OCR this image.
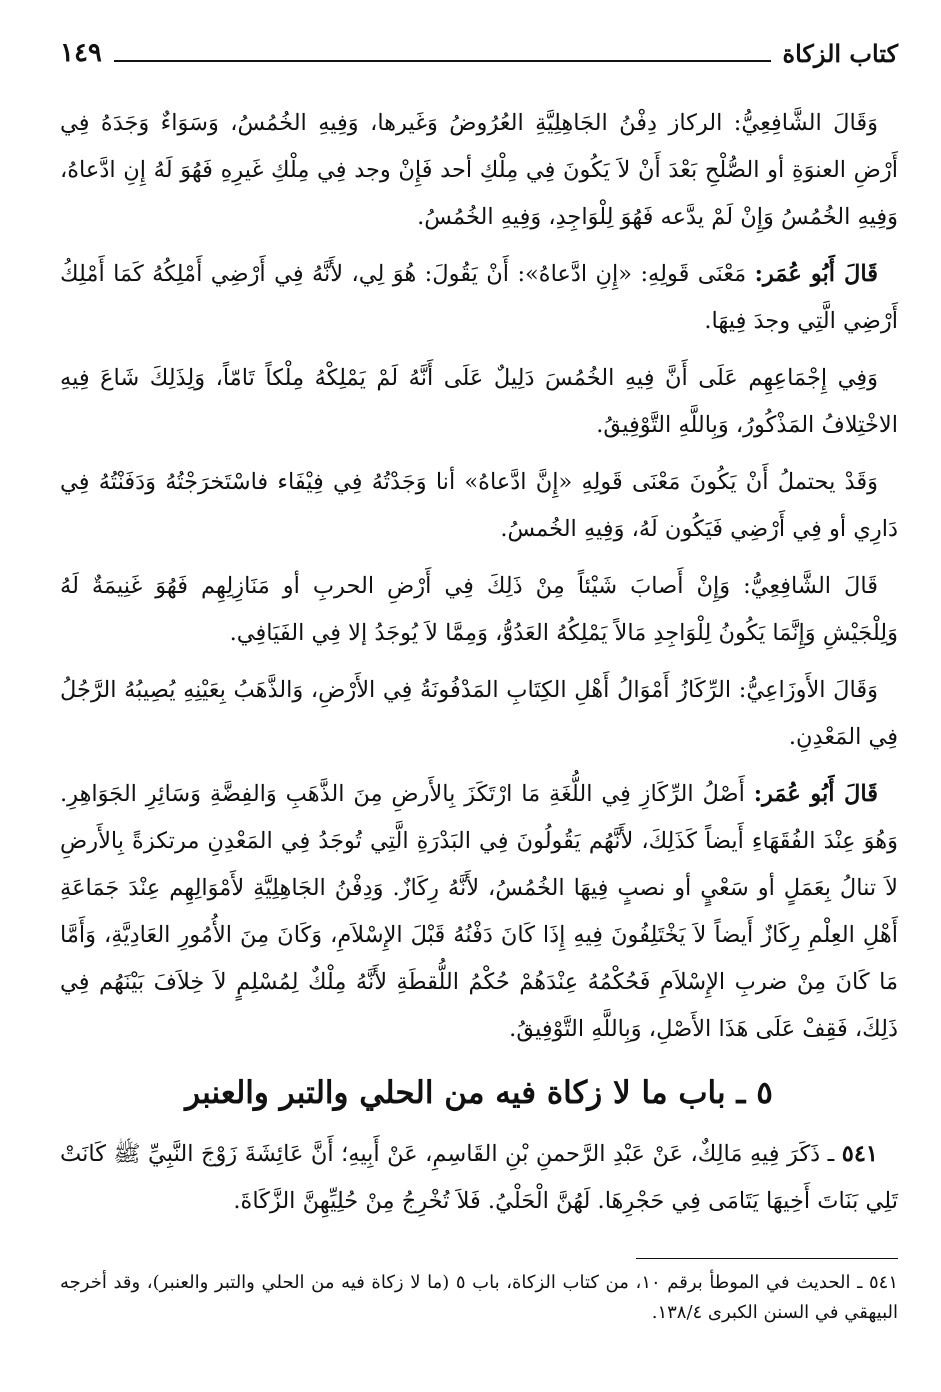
كتاب الزكاة
١٤٩

وَقَالَ الشَّافِعِيُّ: الركاز دِفْنُ الجَاهِلِيَّةِ العُرُوضُ وَغَيرها، وَفِيهِ الخُمُسُ، وَسَوَاءٌ وَجَدَهُ فِي أَرْضِ العنوَةِ أو الصُّلْحِ بَعْدَ أَنْ لاَ يَكُونَ فِي مِلْكِ أحد فَإِنْ وجد فِي مِلْكِ غَيرِهِ فَهُوَ لَهُ إِنِ ادَّعاهُ، وَفِيهِ الخُمُسُ وَإِنْ لَمْ يدَّعه فَهُوَ لِلْوَاجِدِ، وَفِيهِ الخُمُسُ.

قَالَ أَبُو عُمَر: مَعْنَى قَولِهِ: «إِنِ ادَّعاهُ»: أَنْ يَقُولَ: هُوَ لِي، لأَنَّهُ فِي أَرْضِي أَمْلِكُهُ كَمَا أَمْلِكُ أَرْضِي الَّتِي وجدَ فِيهَا.

وَفِي إِجْمَاعِهِم عَلَى أَنَّ فِيهِ الخُمُسَ دَلِيلٌ عَلَى أَنَّهُ لَمْ يَمْلِكْهُ مِلْكاً تَامّاً، وَلِذَلِكَ شَاعَ فِيهِ الاخْتِلافُ المَذْكُورُ، وَبِاللَّهِ التَّوْفِيقُ.

وَقَدْ يحتملُ أَنْ يَكُونَ مَعْنَى قَولِهِ «إِنَّ ادَّعاهُ» أنا وَجَدْتُهُ فِي فِيْفَاء فاسْتَخرَجْتُهُ وَدَفَنْتُهُ فِي دَارِي أو فِي أَرْضِي فَيَكُون لَهُ، وَفِيهِ الخُمسُ.

قَالَ الشَّافِعِيُّ: وَإِنْ أَصابَ شَيْئاً مِنْ ذَلِكَ فِي أَرْضِ الحربِ أو مَنَازِلِهِم فَهُوَ غَنِيمَةٌ لَهُ وَلِلْجَيْشِ وَإِنَّمَا يَكُونُ لِلْوَاجِدِ مَالاً يَمْلِكُهُ العَدُوُّ، وَمِمَّا لاَ يُوجَدُ إلا فِي الفَيَافِي.

وَقَالَ الأَوزَاعِيُّ: الرِّكَازُ أَمْوَالُ أَهْلِ الكِتَابِ المَدْفُونَةُ فِي الأَرْضِ، وَالذَّهَبُ بِعَيْنِهِ يُصِيبُهُ الرَّجُلُ فِي المَعْدِنِ.

قَالَ أَبُو عُمَر: أَصْلُ الرِّكَازِ فِي اللُّغَةِ مَا ارْتَكَزَ بِالأَرضِ مِنَ الذَّهَبِ وَالفِضَّةِ وَسَائِرِ الجَوَاهِرِ. وَهُوَ عِنْدَ الفُقَهَاءِ أَيضاً كَذَلِكَ، لأَنَّهُم يَقُولُونَ فِي البَدْرَةِ الَّتِي تُوجَدُ فِي المَعْدِنِ مرتكزةً بِالأَرضِ لاَ تنالُ بِعَمَلٍ أو سَعْيٍ أو نصبٍ فِيهَا الخُمُسُ، لأَنَّهُ رِكَازٌ. وَدِفْنُ الجَاهِلِيَّةِ لأَمْوَالِهِم عِنْدَ جَمَاعَةِ أَهْلِ العِلْمِ رِكَازٌ أَيضاً لاَ يَخْتَلِفُونَ فِيهِ إِذَا كَانَ دَفْنُهُ قَبْلَ الإِسْلاَمِ، وَكَانَ مِنَ الأُمُورِ العَادِيَّةِ، وَأَمَّا مَا كَانَ مِنْ ضربِ الإِسْلاَمِ فَحُكْمُهُ عِنْدَهُمْ حُكْمُ اللُّقطَةِ لأَنَّهُ مِلْكٌ لِمُسْلِمٍ لاَ خِلاَفَ بَيْنَهُم فِي ذَلِكَ، فَقِفْ عَلَى هَذَا الأَصْلِ، وَبِاللَّهِ التَّوْفِيقُ.

٥ ـ باب ما لا زكاة فيه من الحلي والتبر والعنبر

٥٤١ ـ ذَكَرَ فِيهِ مَالِكٌ، عَنْ عَبْدِ الرَّحمنِ بْنِ القَاسِمِ، عَنْ أَبِيهِ؛ أَنَّ عَائِشَةَ زَوْجَ النَّبِيِّ ﷺ كَانَتْ تَلِي بَنَاتَ أَخِيهَا يَتَامَى فِي حَجْرِهَا. لَهُنَّ الْحَلْيُ. فَلاَ تُخْرِجُ مِنْ حُلِيِّهِنَّ الزَّكَاةَ.

٥٤١ ـ الحديث في الموطأ برقم ١٠، من كتاب الزكاة، باب ٥ (ما لا زكاة فيه من الحلي والتبر والعنبر)، وقد أخرجه البيهقي في السنن الكبرى ١٣٨/٤.
